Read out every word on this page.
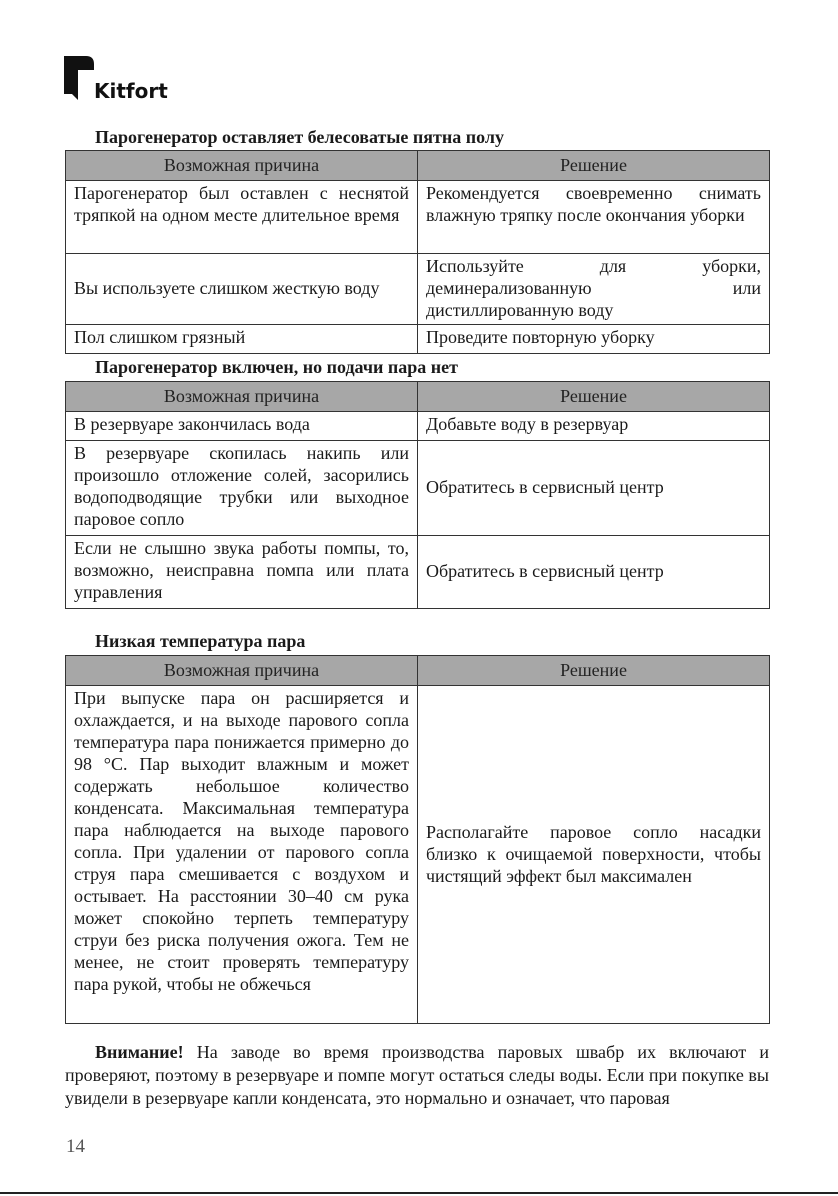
Kitfort
Парогенератор оставляет белесоватые пятна полу
Возможная причина	Решение
Парогенератор был оставлен с неснятой тряпкой на одном месте длительное время	Рекомендуется своевременно снимать влажную тряпку после окончания уборки
Вы используете слишком жесткую воду	Используйте для уборки, деминерализованную или дистиллированную воду
Пол слишком грязный	Проведите повторную уборку
Парогенератор включен, но подачи пара нет
Возможная причина	Решение
В резервуаре закончилась вода	Добавьте воду в резервуар
В резервуаре скопилась накипь или произошло отложение солей, засорились водоподводящие трубки или выходное паровое сопло	Обратитесь в сервисный центр
Если не слышно звука работы помпы, то, возможно, неисправна помпа или плата управления	Обратитесь в сервисный центр
Низкая температура пара
Возможная причина	Решение
При выпуске пара он расширяется и охлаждается, и на выходе парового сопла температура пара понижается примерно до 98 °C. Пар выходит влажным и может содержать небольшое количество конденсата. Максимальная температура пара наблюдается на выходе парового сопла. При удалении от парового сопла струя пара смешивается с воздухом и остывает. На расстоянии 30–40 см рука может спокойно терпеть температуру струи без риска получения ожога. Тем не менее, не стоит проверять температуру пара рукой, чтобы не обжечься	Располагайте паровое сопло насадки близко к очищаемой поверхности, чтобы чистящий эффект был максимален
Внимание! На заводе во время производства паровых швабр их включают и проверяют, поэтому в резервуаре и помпе могут остаться следы воды. Если при покупке вы увидели в резервуаре капли конденсата, это нормально и означает, что паровая
14
